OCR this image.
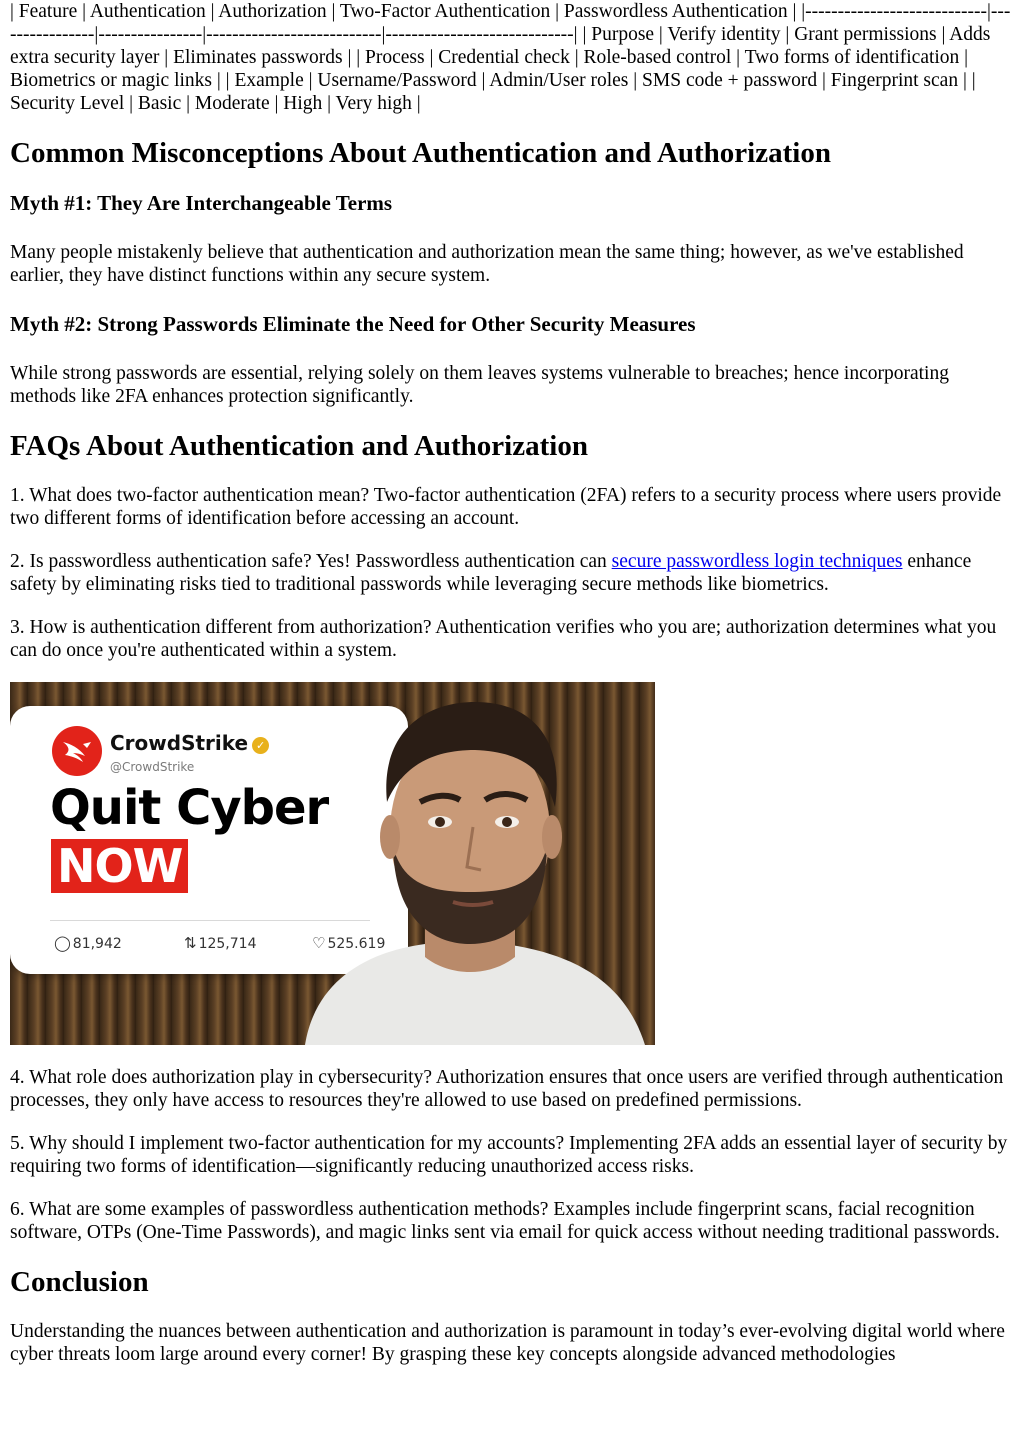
| Feature | Authentication | Authorization | Two-Factor Authentication | Passwordless Authentication | |----------------------------|----------------|----------------|---------------------------|-----------------------------| | Purpose | Verify identity | Grant permissions | Adds extra security layer | Eliminates passwords | | Process | Credential check | Role-based control | Two forms of identification | Biometrics or magic links | | Example | Username/Password | Admin/User roles | SMS code + password | Fingerprint scan | | Security Level | Basic | Moderate | High | Very high |

Common Misconceptions About Authentication and Authorization
Myth #1: They Are Interchangeable Terms

Many people mistakenly believe that authentication and authorization mean the same thing; however, as we've established earlier, they have distinct functions within any secure system.

Myth #2: Strong Passwords Eliminate the Need for Other Security Measures

While strong passwords are essential, relying solely on them leaves systems vulnerable to breaches; hence incorporating methods like 2FA enhances protection significantly.

FAQs About Authentication and Authorization

1. What does two-factor authentication mean? Two-factor authentication (2FA) refers to a security process where users provide two different forms of identification before accessing an account.

2. Is passwordless authentication safe? Yes! Passwordless authentication can secure passwordless login techniques enhance safety by eliminating risks tied to traditional passwords while leveraging secure methods like biometrics.

3. How is authentication different from authorization? Authentication verifies who you are; authorization determines what you can do once you're authenticated within a system.

CrowdStrike ✓
@CrowdStrike
Quit Cyber
NOW
◯ 81,942	⇅ 125,714	♡ 525.619

4. What role does authorization play in cybersecurity? Authorization ensures that once users are verified through authentication processes, they only have access to resources they're allowed to use based on predefined permissions.

5. Why should I implement two-factor authentication for my accounts? Implementing 2FA adds an essential layer of security by requiring two forms of identification—significantly reducing unauthorized access risks.

6. What are some examples of passwordless authentication methods? Examples include fingerprint scans, facial recognition software, OTPs (One-Time Passwords), and magic links sent via email for quick access without needing traditional passwords.

Conclusion

Understanding the nuances between authentication and authorization is paramount in today’s ever-evolving digital world where cyber threats loom large around every corner! By grasping these key concepts alongside advanced methodologies
